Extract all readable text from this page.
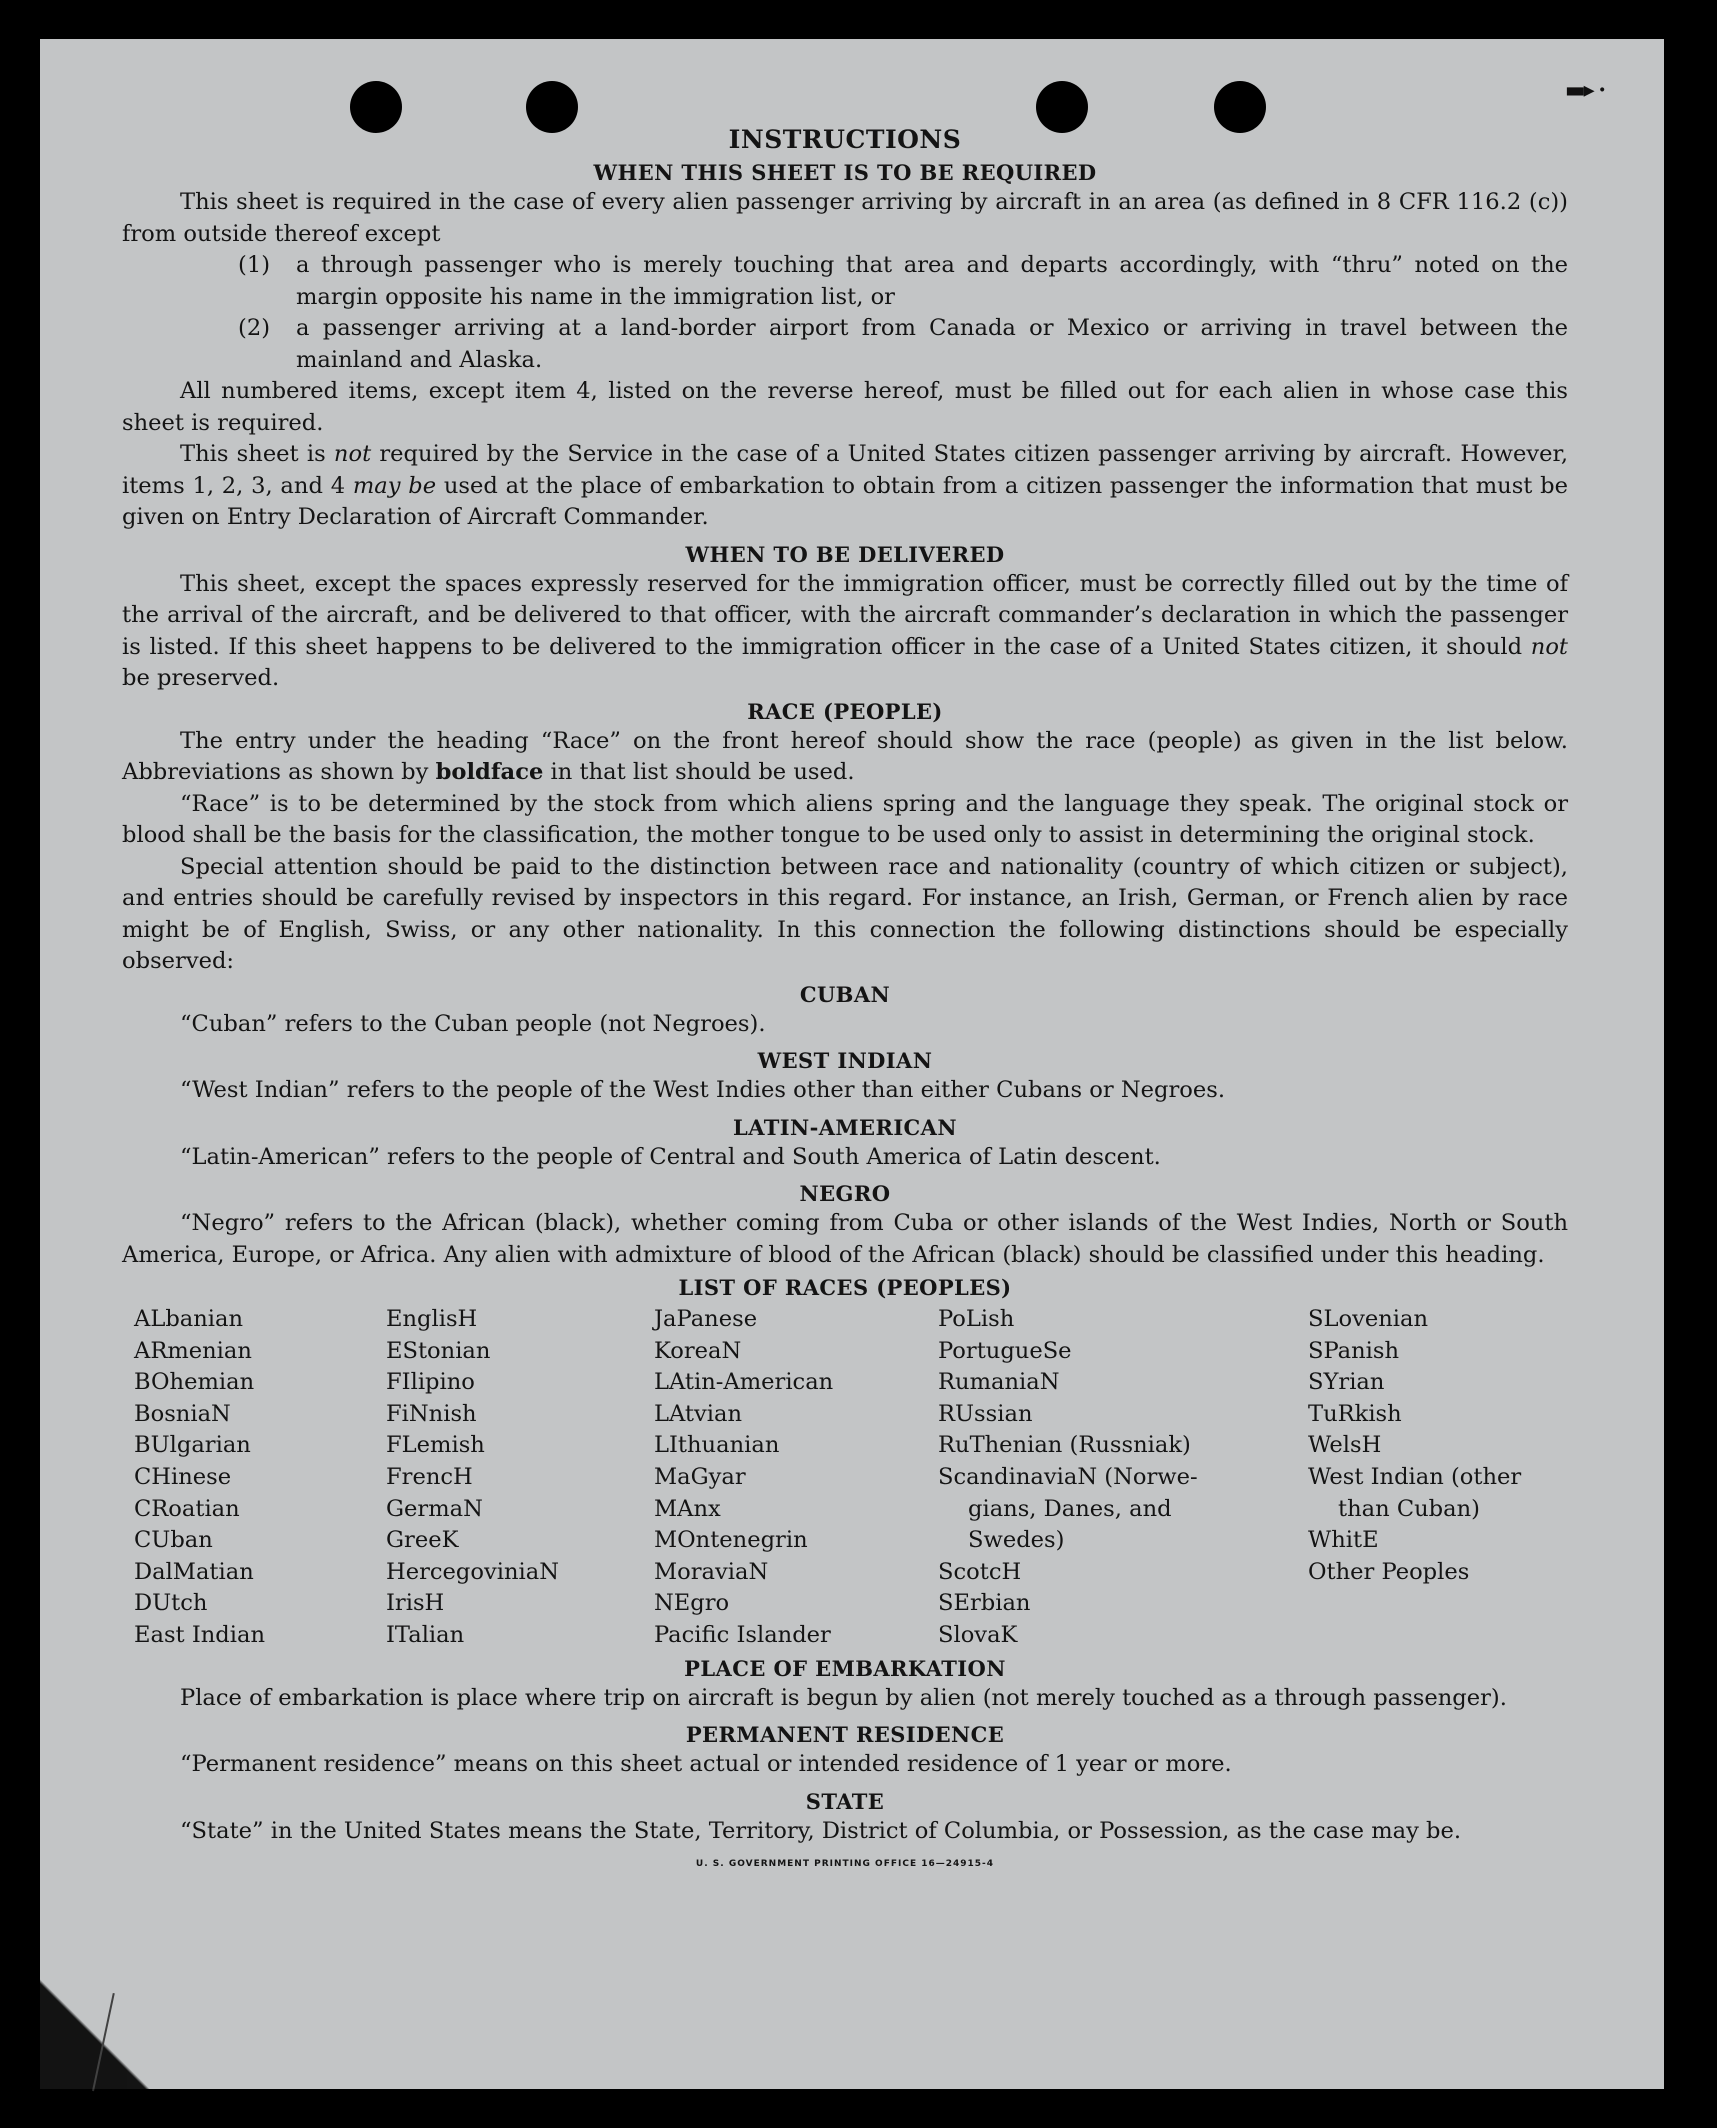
▬▸ ·
INSTRUCTIONS
WHEN THIS SHEET IS TO BE REQUIRED

This sheet is required in the case of every alien passenger arriving by aircraft in an area (as defined in 8 CFR 116.2 (c)) from outside thereof except

(1)	a through passenger who is merely touching that area and departs accordingly, with “thru” noted on the margin opposite his name in the immigration list, or
(2)	a passenger arriving at a land-border airport from Canada or Mexico or arriving in travel between the mainland and Alaska.

All numbered items, except item 4, listed on the reverse hereof, must be filled out for each alien in whose case this sheet is required.

This sheet is not required by the Service in the case of a United States citizen passenger arriving by aircraft. However, items 1, 2, 3, and 4 may be used at the place of embarkation to obtain from a citizen passenger the information that must be given on Entry Declaration of Aircraft Commander.

WHEN TO BE DELIVERED

This sheet, except the spaces expressly reserved for the immigration officer, must be correctly filled out by the time of the arrival of the aircraft, and be delivered to that officer, with the aircraft commander’s declaration in which the passenger is listed. If this sheet happens to be delivered to the immigration officer in the case of a United States citizen, it should not be preserved.

RACE (PEOPLE)

The entry under the heading “Race” on the front hereof should show the race (people) as given in the list below. Abbreviations as shown by boldface in that list should be used.

“Race” is to be determined by the stock from which aliens spring and the language they speak. The original stock or blood shall be the basis for the classification, the mother tongue to be used only to assist in determining the original stock.

Special attention should be paid to the distinction between race and nationality (country of which citizen or subject), and entries should be carefully revised by inspectors in this regard. For instance, an Irish, German, or French alien by race might be of English, Swiss, or any other nationality. In this connection the following distinctions should be especially observed:

CUBAN

“Cuban” refers to the Cuban people (not Negroes).

WEST INDIAN

“West Indian” refers to the people of the West Indies other than either Cubans or Negroes.

LATIN-AMERICAN

“Latin-American” refers to the people of Central and South America of Latin descent.

NEGRO

“Negro” refers to the African (black), whether coming from Cuba or other islands of the West Indies, North or South America, Europe, or Africa. Any alien with admixture of blood of the African (black) should be classified under this heading.

LIST OF RACES (PEOPLES)
ALbanian
ARmenian
BOhemian
BosniaN
BUlgarian
CHinese
CRoatian
CUban
DalMatian
DUtch
East Indian
EnglisH
EStonian
FIlipino
FiNnish
FLemish
FrencH
GermaN
GreeK
HercegoviniaN
IrisH
ITalian
JaPanese
KoreaN
LAtin-American
LAtvian
LIthuanian
MaGyar
MAnx
MOntenegrin
MoraviaN
NEgro
Pacific Islander
PoLish
PortugueSe
RumaniaN
RUssian
RuThenian (Russniak)
ScandinaviaN (Norwe-
gians, Danes, and
Swedes)
ScotcH
SErbian
SlovaK
SLovenian
SPanish
SYrian
TuRkish
WelsH
West Indian (other
than Cuban)
WhitE
Other Peoples
PLACE OF EMBARKATION

Place of embarkation is place where trip on aircraft is begun by alien (not merely touched as a through passenger).

PERMANENT RESIDENCE

“Permanent residence” means on this sheet actual or intended residence of 1 year or more.

STATE

“State” in the United States means the State, Territory, District of Columbia, or Possession, as the case may be.

U. S. GOVERNMENT PRINTING OFFICE 16—24915-4
